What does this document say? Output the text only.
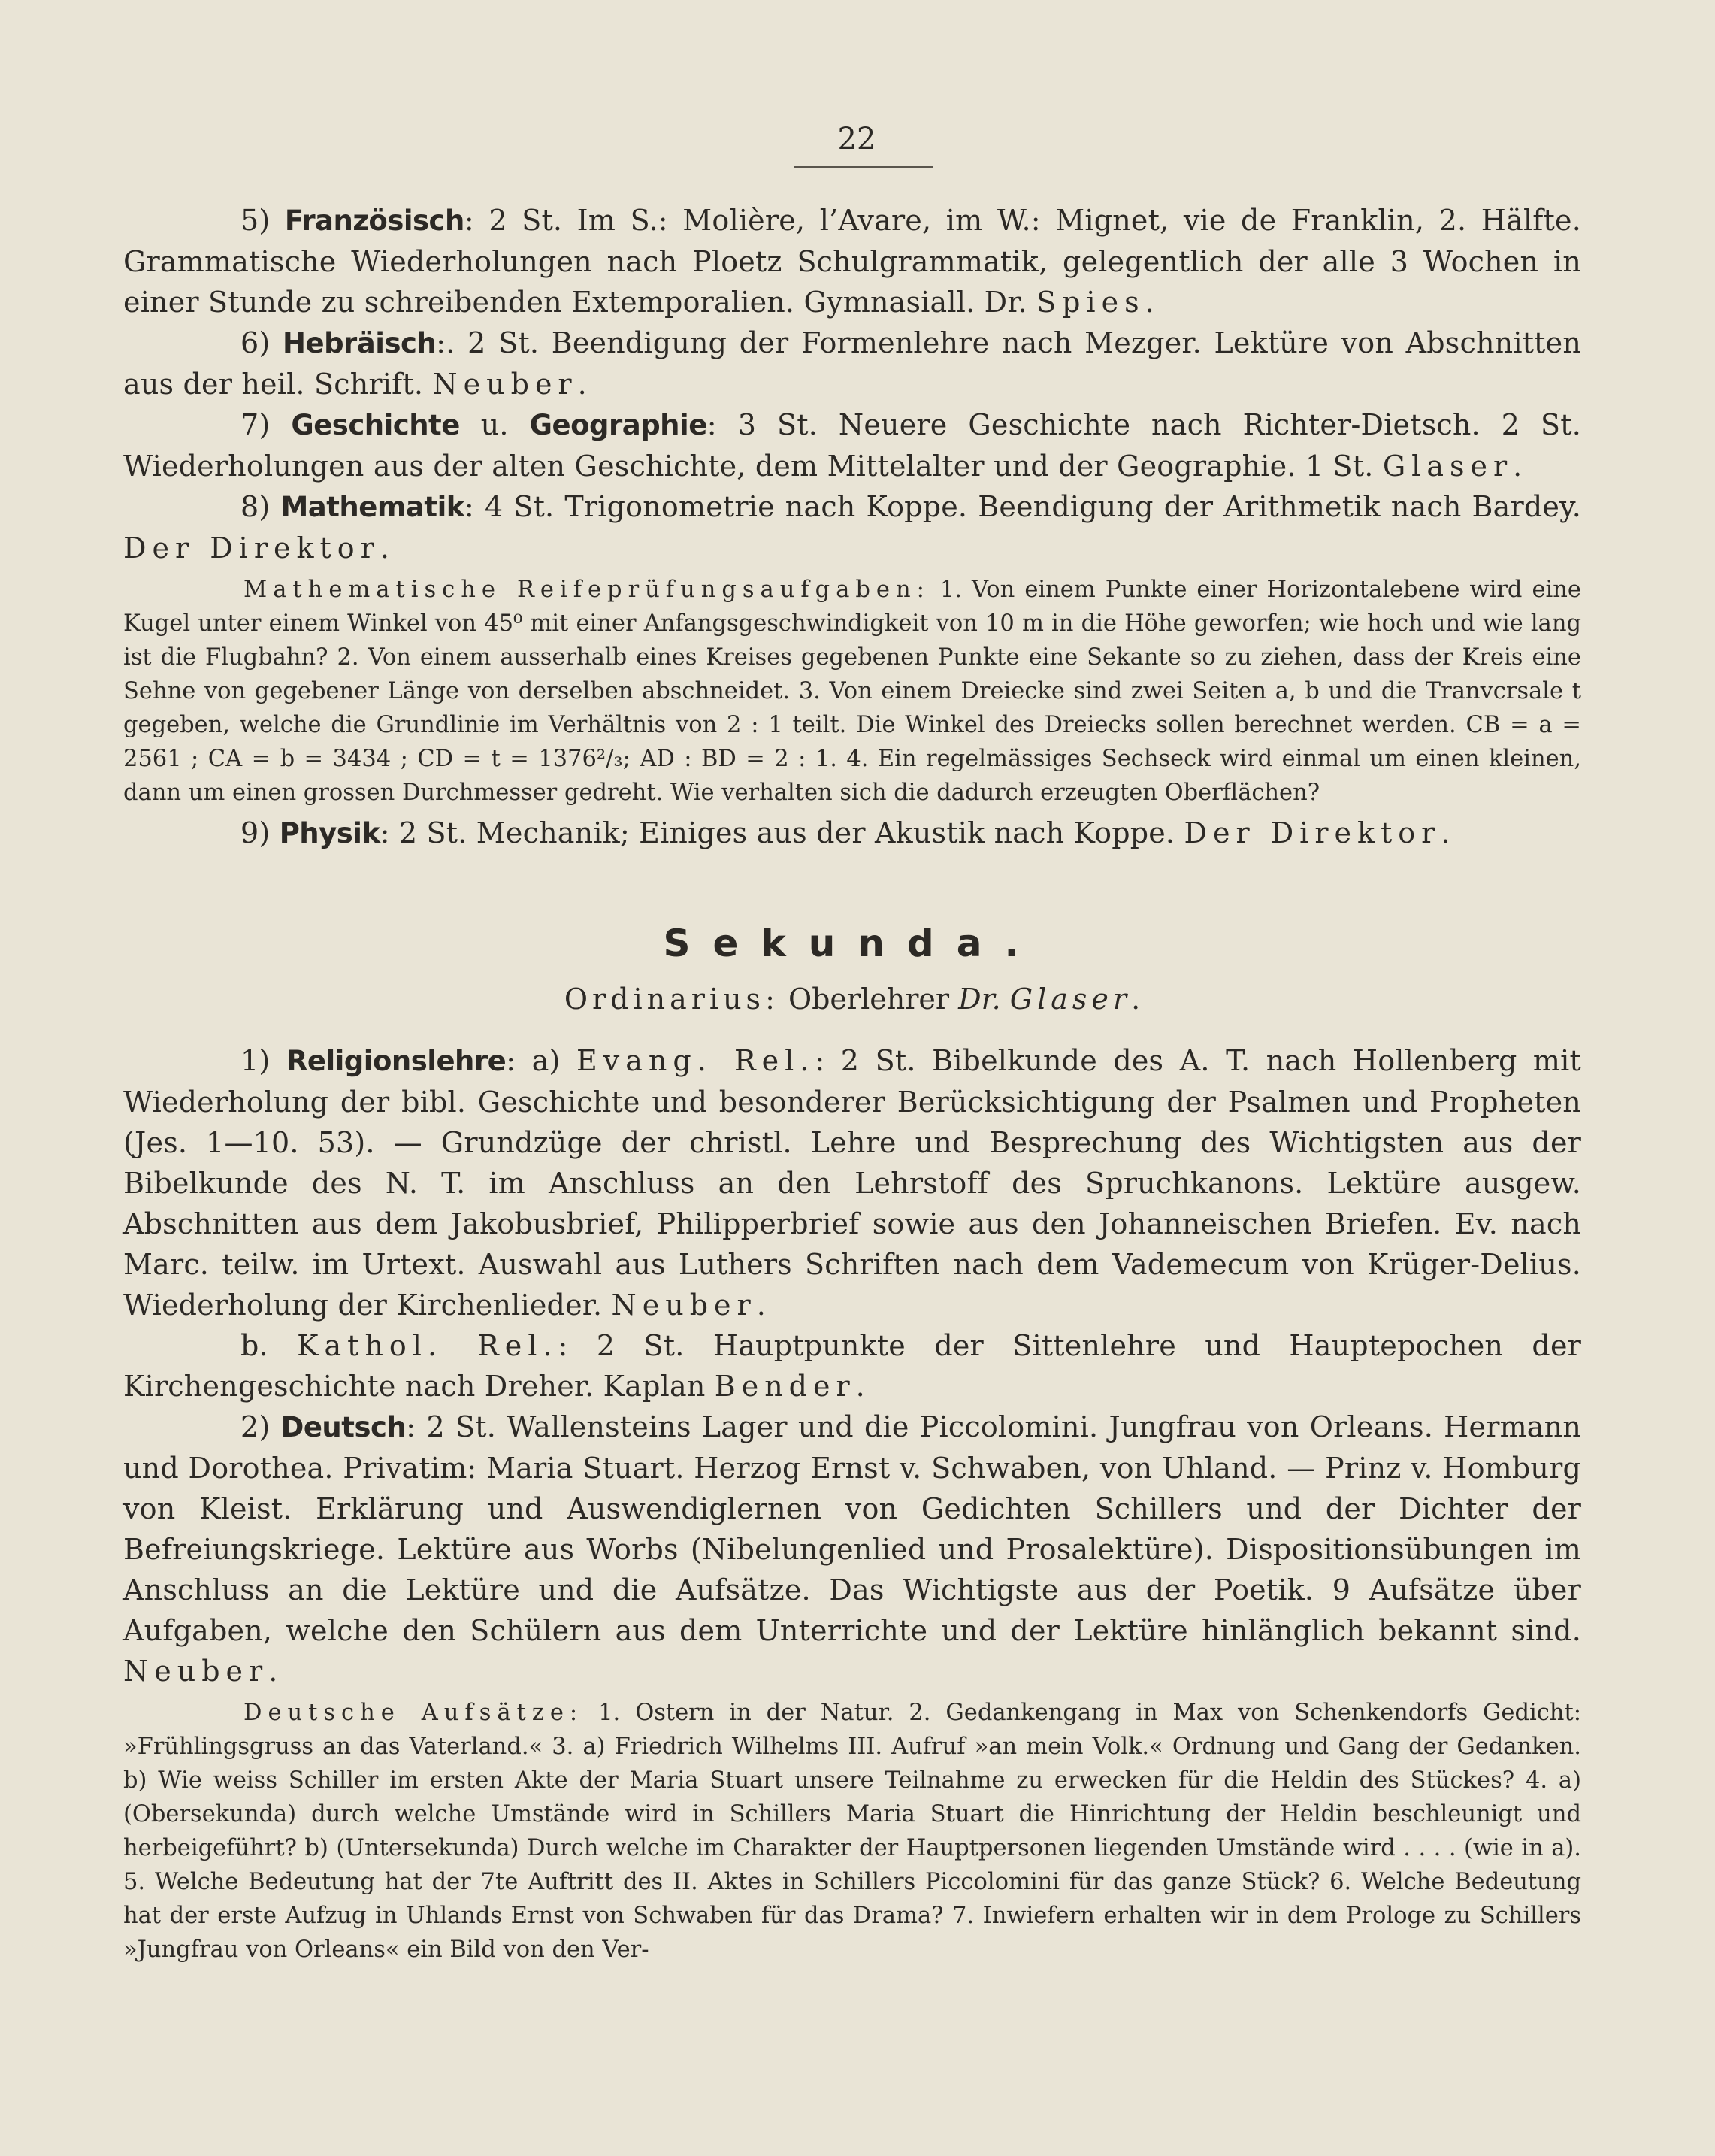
22

5) Französisch: 2 St. Im S.: Molière, l’Avare, im W.: Mignet, vie de Franklin, 2. Hälfte. Grammatische Wiederholungen nach Ploetz Schulgrammatik, gelegentlich der alle 3 Wochen in einer Stunde zu schreibenden Extemporalien. Gymnasiall. Dr. Spies.

6) Hebräisch:. 2 St. Beendigung der Formenlehre nach Mezger. Lektüre von Abschnitten aus der heil. Schrift. Neuber.

7) Geschichte u. Geographie: 3 St. Neuere Geschichte nach Richter-Dietsch. 2 St. Wiederholungen aus der alten Geschichte, dem Mittelalter und der Geographie. 1 St. Glaser.

8) Mathematik: 4 St. Trigonometrie nach Koppe. Beendigung der Arithmetik nach Bardey. Der Direktor.

Mathematische Reifeprüfungsaufgaben: 1. Von einem Punkte einer Horizontalebene wird eine Kugel unter einem Winkel von 45⁰ mit einer Anfangsgeschwindigkeit von 10 m in die Höhe geworfen; wie hoch und wie lang ist die Flugbahn? 2. Von einem ausserhalb eines Kreises gegebenen Punkte eine Sekante so zu ziehen, dass der Kreis eine Sehne von gegebener Länge von derselben abschneidet. 3. Von einem Dreiecke sind zwei Seiten a, b und die Tranvcrsale t gegeben, welche die Grundlinie im Verhältnis von 2 : 1 teilt. Die Winkel des Dreiecks sollen berechnet werden. CB = a = 2561 ; CA = b = 3434 ; CD = t = 1376²/₃; AD : BD = 2 : 1. 4. Ein regelmässiges Sechseck wird einmal um einen kleinen, dann um einen grossen Durchmesser gedreht. Wie verhalten sich die dadurch erzeugten Oberflächen?

9) Physik: 2 St. Mechanik; Einiges aus der Akustik nach Koppe. Der Direktor.

Sekunda.

Ordinarius: Oberlehrer Dr. Glaser.

1) Religionslehre: a) Evang. Rel.: 2 St. Bibelkunde des A. T. nach Hollenberg mit Wiederholung der bibl. Geschichte und besonderer Berücksichtigung der Psalmen und Propheten (Jes. 1—10. 53). — Grundzüge der christl. Lehre und Besprechung des Wichtigsten aus der Bibelkunde des N. T. im Anschluss an den Lehrstoff des Spruchkanons. Lektüre ausgew. Abschnitten aus dem Jakobusbrief, Philipperbrief sowie aus den Johanneischen Briefen. Ev. nach Marc. teilw. im Urtext. Auswahl aus Luthers Schriften nach dem Vademecum von Krüger-Delius. Wiederholung der Kirchenlieder. Neuber.

b. Kathol. Rel.: 2 St. Hauptpunkte der Sittenlehre und Hauptepochen der Kirchengeschichte nach Dreher. Kaplan Bender.

2) Deutsch: 2 St. Wallensteins Lager und die Piccolomini. Jungfrau von Orleans. Hermann und Dorothea. Privatim: Maria Stuart. Herzog Ernst v. Schwaben, von Uhland. — Prinz v. Homburg von Kleist. Erklärung und Auswendiglernen von Gedichten Schillers und der Dichter der Befreiungskriege. Lektüre aus Worbs (Nibelungenlied und Prosalektüre). Dispositionsübungen im Anschluss an die Lektüre und die Aufsätze. Das Wichtigste aus der Poetik. 9 Aufsätze über Aufgaben, welche den Schülern aus dem Unterrichte und der Lektüre hinlänglich bekannt sind. Neuber.

Deutsche Aufsätze: 1. Ostern in der Natur. 2. Gedankengang in Max von Schenkendorfs Gedicht: »Frühlingsgruss an das Vaterland.« 3. a) Friedrich Wilhelms III. Aufruf »an mein Volk.« Ordnung und Gang der Gedanken. b) Wie weiss Schiller im ersten Akte der Maria Stuart unsere Teilnahme zu erwecken für die Heldin des Stückes? 4. a) (Obersekunda) durch welche Umstände wird in Schillers Maria Stuart die Hinrichtung der Heldin beschleunigt und herbeigeführt? b) (Untersekunda) Durch welche im Charakter der Hauptpersonen liegenden Umstände wird . . . . (wie in a). 5. Welche Bedeutung hat der 7te Auftritt des II. Aktes in Schillers Piccolomini für das ganze Stück? 6. Welche Bedeutung hat der erste Aufzug in Uhlands Ernst von Schwaben für das Drama? 7. Inwiefern erhalten wir in dem Prologe zu Schillers »Jungfrau von Orleans« ein Bild von den Ver-
